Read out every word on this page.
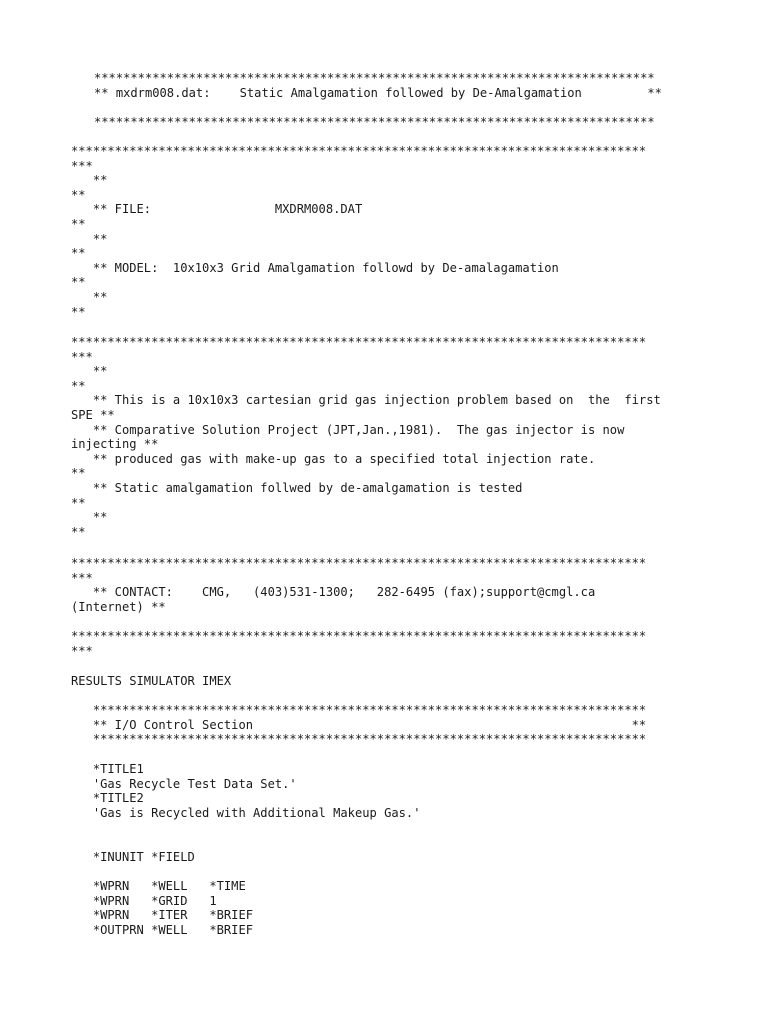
*****************************************************************************
** mxdrm008.dat:    Static Amalgamation followed by De-Amalgamation         **
*****************************************************************************
*******************************************************************************
***
**
**
** FILE:                 MXDRM008.DAT
**
**
**
** MODEL:  10x10x3 Grid Amalgamation followd by De-amalagamation
**
**
**
*******************************************************************************
***
**
**
** This is a 10x10x3 cartesian grid gas injection problem based on  the  first
SPE **
** Comparative Solution Project (JPT,Jan.,1981).  The gas injector is now
injecting **
** produced gas with make-up gas to a specified total injection rate.
**
** Static amalgamation follwed by de-amalgamation is tested
**
**
**
*******************************************************************************
***
** CONTACT:    CMG,   (403)531-1300;   282-6495 (fax);support@cmgl.ca
(Internet) **
*******************************************************************************
***
RESULTS SIMULATOR IMEX
****************************************************************************
** I/O Control Section                                                    **
****************************************************************************
*TITLE1
'Gas Recycle Test Data Set.'
*TITLE2
'Gas is Recycled with Additional Makeup Gas.'
*INUNIT *FIELD
*WPRN   *WELL   *TIME
*WPRN   *GRID   1
*WPRN   *ITER   *BRIEF
*OUTPRN *WELL   *BRIEF
